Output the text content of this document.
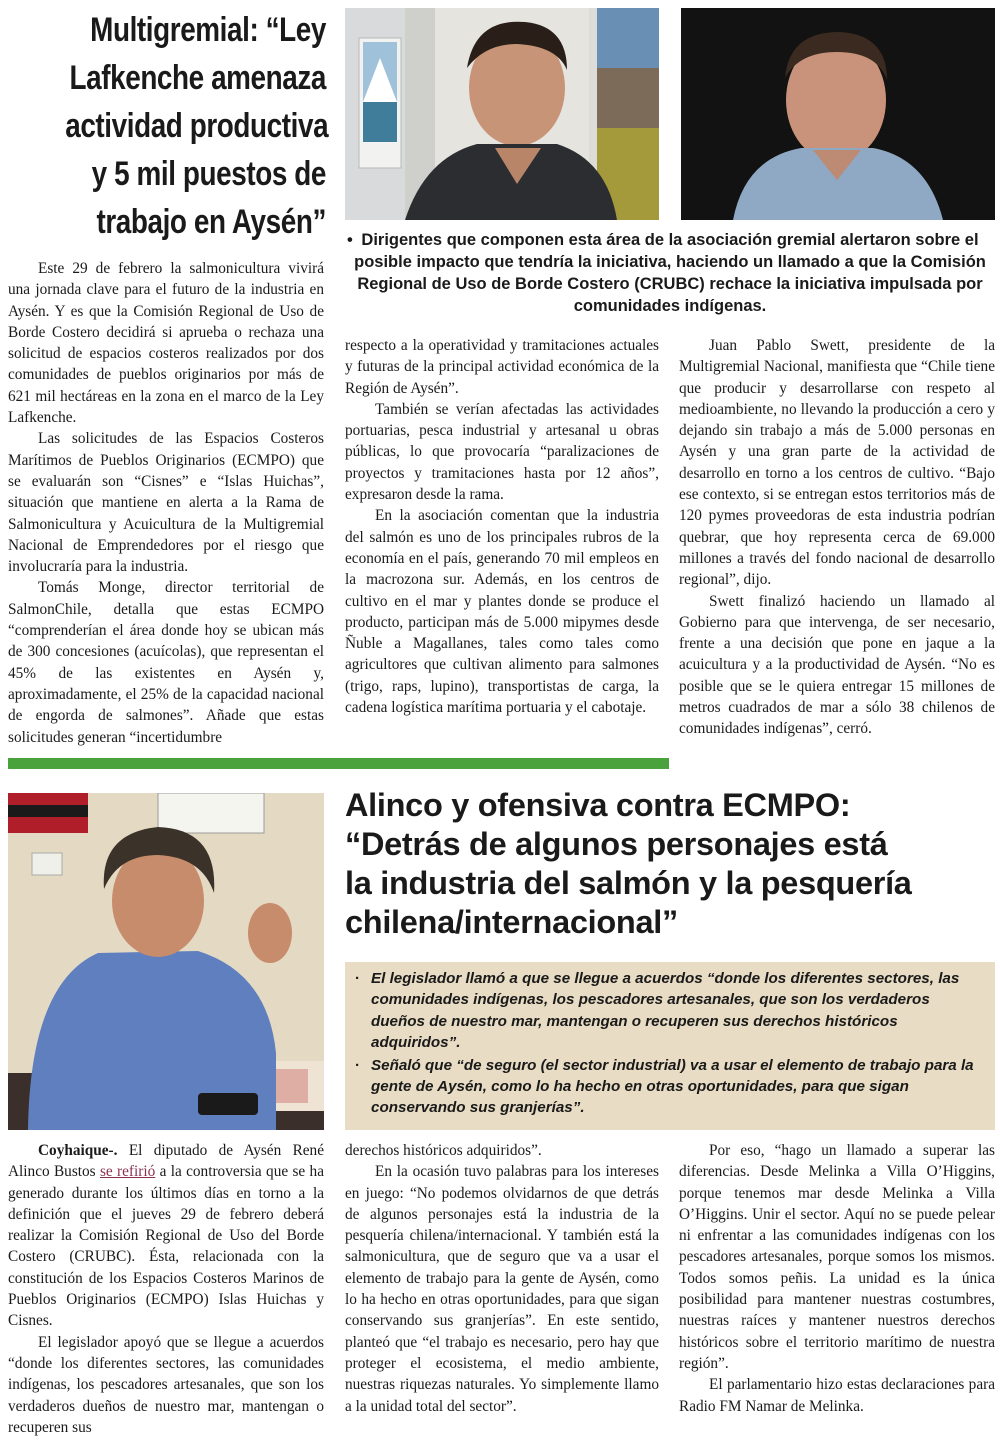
Multigremial: “Ley
Lafkenche amenaza
actividad productiva
y 5 mil puestos de
trabajo en Aysén” • Dirigentes que componen esta área de la asociación gremial alertaron sobre el posible impacto que tendría la iniciativa, haciendo un llamado a que la Comisión Regional de Uso de Borde Costero (CRUBC) rechace la iniciativa impulsada por comunidades indígenas.

Este 29 de febrero la salmonicultura vivirá una jornada clave para el futuro de la industria en Aysén. Y es que la Comisión Regional de Uso de Borde Costero decidirá si aprueba o rechaza una solicitud de espacios costeros realizados por dos comunidades de pueblos originarios por más de 621 mil hectáreas en la zona en el marco de la Ley Lafkenche.

Las solicitudes de las Espacios Costeros Marítimos de Pueblos Originarios (ECMPO) que se evaluarán son “Cisnes” e “Islas Huichas”, situación que mantiene en alerta a la Rama de Salmonicultura y Acuicultura de la Multigremial Nacional de Emprendedores por el riesgo que involucraría para la industria.

Tomás Monge, director territorial de SalmonChile, detalla que estas ECMPO “comprenderían el área donde hoy se ubican más de 300 concesiones (acuícolas), que representan el 45% de las existentes en Aysén y, aproximadamente, el 25% de la capacidad nacional de engorda de salmones”. Añade que estas solicitudes generan “incertidumbre

respecto a la operatividad y tramitaciones actuales y futuras de la principal actividad económica de la Región de Aysén”.

También se verían afectadas las actividades portuarias, pesca industrial y artesanal u obras públicas, lo que provocaría “paralizaciones de proyectos y tramitaciones hasta por 12 años”, expresaron desde la rama.

En la asociación comentan que la industria del salmón es uno de los principales rubros de la economía en el país, generando 70 mil empleos en la macrozona sur. Además, en los centros de cultivo en el mar y plantes donde se produce el producto, participan más de 5.000 mipymes desde Ñuble a Magallanes, tales como tales como agricultores que cultivan alimento para salmones (trigo, raps, lupino), transportistas de carga, la cadena logística marítima portuaria y el cabotaje.

Juan Pablo Swett, presidente de la Multigremial Nacional, manifiesta que “Chile tiene que producir y desarrollarse con respeto al medioambiente, no llevando la producción a cero y dejando sin trabajo a más de 5.000 personas en Aysén y una gran parte de la actividad de desarrollo en torno a los centros de cultivo. “Bajo ese contexto, si se entregan estos territorios más de 120 pymes proveedoras de esta industria podrían quebrar, que hoy representa cerca de 69.000 millones a través del fondo nacional de desarrollo regional”, dijo.

Swett finalizó haciendo un llamado al Gobierno para que intervenga, de ser necesario, frente a una decisión que pone en jaque a la acuicultura y a la productividad de Aysén. “No es posible que se le quiera entregar 15 millones de metros cuadrados de mar a sólo 38 chilenos de comunidades indígenas”, cerró.

Alinco y ofensiva contra ECMPO:
“Detrás de algunos personajes está
la industria del salmón y la pesquería
chilena/internacional”
· El legislador llamó a que se llegue a acuerdos “donde los diferentes sectores, las comunidades indígenas, los pescadores artesanales, que son los verdaderos dueños de nuestro mar, mantengan o recuperen sus derechos históricos adquiridos”.
· Señaló que “de seguro (el sector industrial) va a usar el elemento de trabajo para la gente de Aysén, como lo ha hecho en otras oportunidades, para que sigan conservando sus granjerías”.

Coyhaique-. El diputado de Aysén René Alinco Bustos se refirió a la controversia que se ha generado durante los últimos días en torno a la definición que el jueves 29 de febrero deberá realizar la Comisión Regional de Uso del Borde Costero (CRUBC). Ésta, relacionada con la constitución de los Espacios Costeros Marinos de Pueblos Originarios (ECMPO) Islas Huichas y Cisnes.

El legislador apoyó que se llegue a acuerdos “donde los diferentes sectores, las comunidades indígenas, los pescadores artesanales, que son los verdaderos dueños de nuestro mar, mantengan o recuperen sus

derechos históricos adquiridos”.

En la ocasión tuvo palabras para los intereses en juego: “No podemos olvidarnos de que detrás de algunos personajes está la industria de la pesquería chilena/internacional. Y también está la salmonicultura, que de seguro que va a usar el elemento de trabajo para la gente de Aysén, como lo ha hecho en otras oportunidades, para que sigan conservando sus granjerías”. En este sentido, planteó que “el trabajo es necesario, pero hay que proteger el ecosistema, el medio ambiente, nuestras riquezas naturales. Yo simplemente llamo a la unidad total del sector”.

Por eso, “hago un llamado a superar las diferencias. Desde Melinka a Villa O’Higgins, porque tenemos mar desde Melinka a Villa O’Higgins. Unir el sector. Aquí no se puede pelear ni enfrentar a las comunidades indígenas con los pescadores artesanales, porque somos los mismos. Todos somos peñis. La unidad es la única posibilidad para mantener nuestras costumbres, nuestras raíces y mantener nuestros derechos históricos sobre el territorio marítimo de nuestra región”.

El parlamentario hizo estas declaraciones para Radio FM Namar de Melinka.
